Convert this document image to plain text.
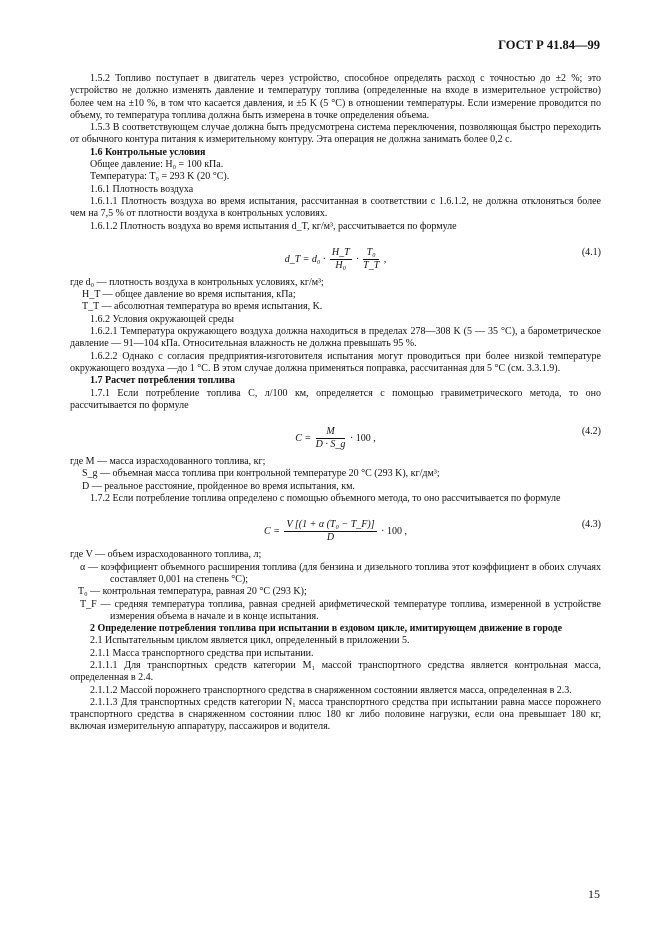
ГОСТ Р 41.84—99

1.5.2 Топливо поступает в двигатель через устройство, способное определять расход с точностью до ±2 %; это устройство не должно изменять давление и температуру топлива (определенные на входе в измерительное устройство) более чем на ±10 %, в том что касается давления, и ±5 K (5 °C) в отношении температуры. Если измерение проводится по объему, то температура топлива должна быть измерена в точке определения объема.

1.5.3 В соответствующем случае должна быть предусмотрена система переключения, позволяющая быстро переходить от обычного контура питания к измерительному контуру. Эта операция не должна занимать более 0,2 с.

1.6 Контрольные условия

Общее давление: H₀ = 100 кПа.

Температура: T₀ = 293 K (20 °C).

1.6.1 Плотность воздуха

1.6.1.1 Плотность воздуха во время испытания, рассчитанная в соответствии с 1.6.1.2, не должна отклоняться более чем на 7,5 % от плотности воздуха в контрольных условиях.

1.6.1.2 Плотность воздуха во время испытания d_T, кг/м³, рассчитывается по формуле

d_T = $d_0 \cdot \frac{H\_T}{\text{H₀}} \cdot \frac{\text{T₀}}{T\_T}$ ,
(4.1)

где d₀ — плотность воздуха в контрольных условиях, кг/м³;

H_T — общее давление во время испытания, кПа;

T_T — абсолютная температура во время испытания, K.

1.6.2 Условия окружающей среды

1.6.2.1 Температура окружающего воздуха должна находиться в пределах 278—308 K (5 — 35 °C), а барометрическое давление — 91—104 кПа. Относительная влажность не должна превышать 95 %.

1.6.2.2 Однако с согласия предприятия-изготовителя испытания могут проводиться при более низкой температуре окружающего воздуха —до 1 °C. В этом случае должна применяться поправка, рассчитанная для 5 °C (см. 3.3.1.9).

1.7 Расчет потребления топлива

1.7.1 Если потребление топлива C, л/100 км, определяется с помощью гравиметрического метода, то оно рассчитывается по формуле

$C = \frac{M}{D \cdot S\_g} \cdot 100$ ,
(4.2)

где M — масса израсходованного топлива, кг;

S_g — объемная масса топлива при контрольной температуре 20 °C (293 K), кг/дм³;

D — реальное расстояние, пройденное во время испытания, км.

1.7.2 Если потребление топлива определено с помощью объемного метода, то оно рассчитывается по формуле

$C = \frac{\text{V [(1 + α (T₀ − T\_F)]}}{D} \cdot 100$ ,
(4.3)

где V — объем израсходованного топлива, л;

α — коэффициент объемного расширения топлива (для бензина и дизельного топлива этот коэффициент в обоих случаях составляет 0,001 на степень °C);

T₀ — контрольная температура, равная 20 °C (293 K);

T_F — средняя температура топлива, равная средней арифметической температуре топлива, измеренной в устройстве измерения объема в начале и в конце испытания.

2 Определение потребления топлива при испытании в ездовом цикле, имитирующем движение в городе

2.1 Испытательным циклом является цикл, определенный в приложении 5.

2.1.1 Масса транспортного средства при испытании.

2.1.1.1 Для транспортных средств категории M₁ массой транспортного средства является контрольная масса, определенная в 2.4.

2.1.1.2 Массой порожнего транспортного средства в снаряженном состоянии является масса, определенная в 2.3.

2.1.1.3 Для транспортных средств категории N₁ масса транспортного средства при испытании равна массе порожнего транспортного средства в снаряженном состоянии плюс 180 кг либо половине нагрузки, если она превышает 180 кг, включая измерительную аппаратуру, пассажиров и водителя.

15
